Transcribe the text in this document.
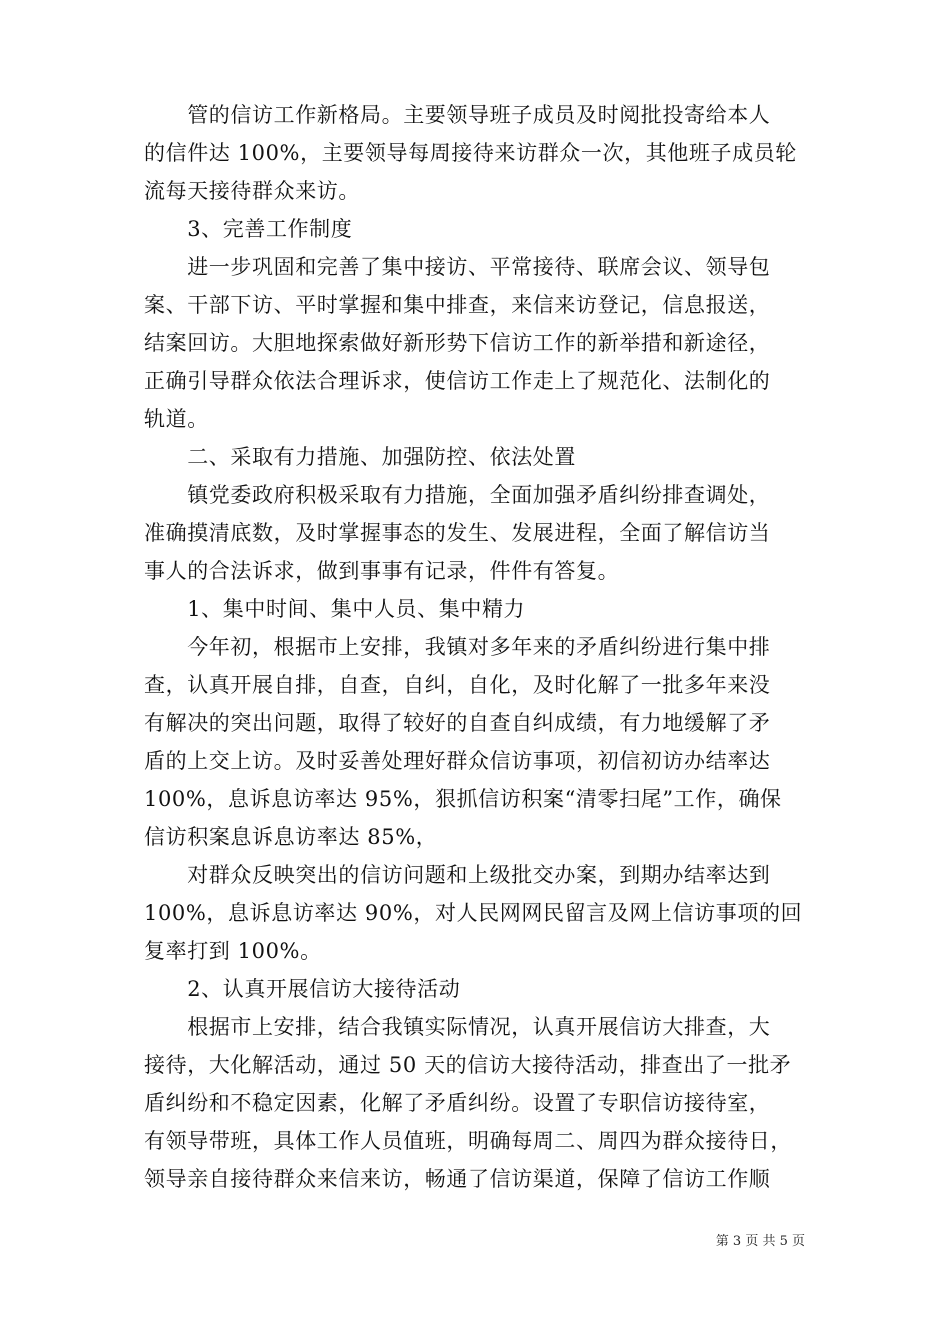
　　管的信访工作新格局。主要领导班子成员及时阅批投寄给本人
的信件达 100%，主要领导每周接待来访群众一次，其他班子成员轮
流每天接待群众来访。
　　3、完善工作制度
　　进一步巩固和完善了集中接访、平常接待、联席会议、领导包
案、干部下访、平时掌握和集中排查，来信来访登记，信息报送，
结案回访。大胆地探索做好新形势下信访工作的新举措和新途径，
正确引导群众依法合理诉求，使信访工作走上了规范化、法制化的
轨道。
　　二、采取有力措施、加强防控、依法处置
　　镇党委政府积极采取有力措施，全面加强矛盾纠纷排查调处，
准确摸清底数，及时掌握事态的发生、发展进程，全面了解信访当
事人的合法诉求，做到事事有记录，件件有答复。
　　1、集中时间、集中人员、集中精力
　　今年初，根据市上安排，我镇对多年来的矛盾纠纷进行集中排
查，认真开展自排，自查，自纠，自化，及时化解了一批多年来没
有解决的突出问题，取得了较好的自查自纠成绩，有力地缓解了矛
盾的上交上访。及时妥善处理好群众信访事项，初信初访办结率达
100%，息诉息访率达 95%，狠抓信访积案“清零扫尾”工作，确保
信访积案息诉息访率达 85%，
　　对群众反映突出的信访问题和上级批交办案，到期办结率达到
100%，息诉息访率达 90%，对人民网网民留言及网上信访事项的回
复率打到 100%。
　　2、认真开展信访大接待活动
　　根据市上安排，结合我镇实际情况，认真开展信访大排查，大
接待，大化解活动，通过 50 天的信访大接待活动，排查出了一批矛
盾纠纷和不稳定因素，化解了矛盾纠纷。设置了专职信访接待室，
有领导带班，具体工作人员值班，明确每周二、周四为群众接待日，
领导亲自接待群众来信来访，畅通了信访渠道，保障了信访工作顺
第 3 页 共 5 页
